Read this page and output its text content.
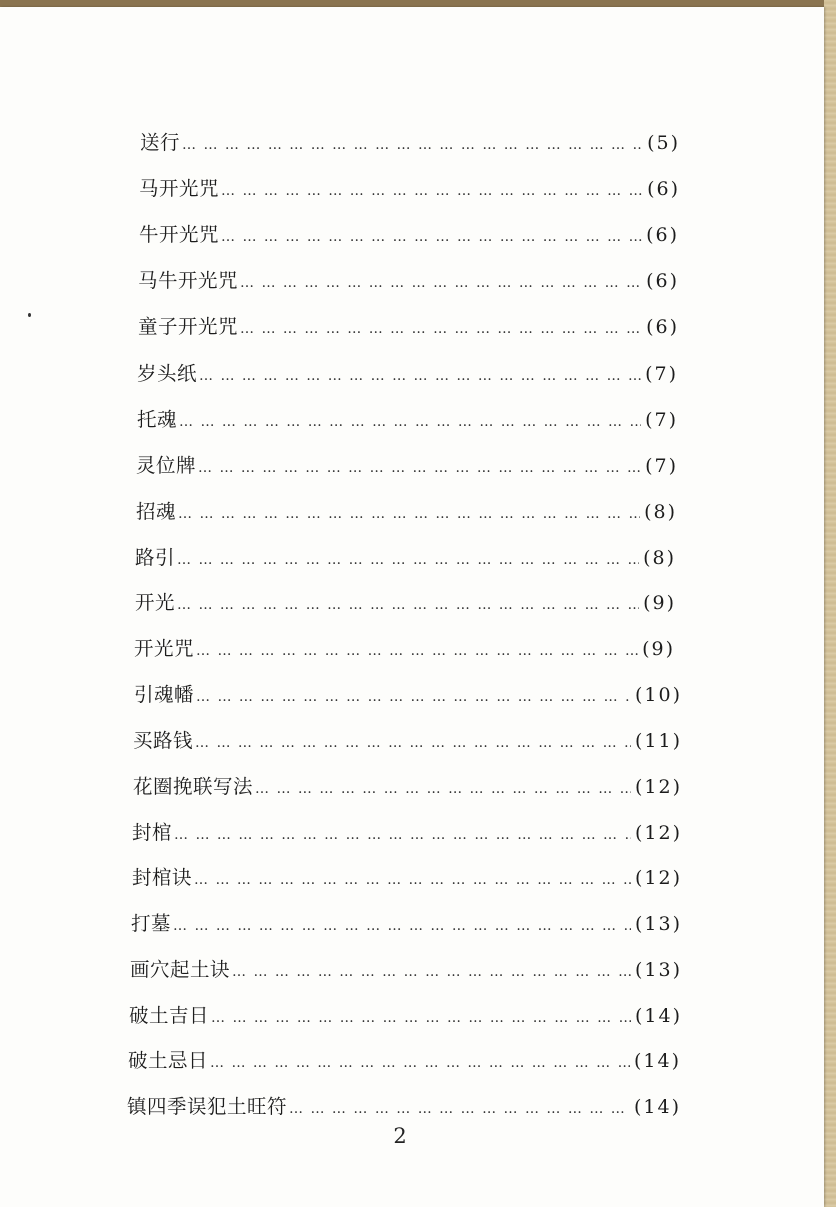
送行 … … … … … … … … … … … … … … … … … … … … … … … … … … … … … … … … … … … … … … … … … … … … … …	(5)
马开光咒 … … … … … … … … … … … … … … … … … … … … … … … … … … … … … … … … … … … … … … … … … … … … … …	(6)
牛开光咒 … … … … … … … … … … … … … … … … … … … … … … … … … … … … … … … … … … … … … … … … … … … … … …	(6)
马牛开光咒 … … … … … … … … … … … … … … … … … … … … … … … … … … … … … … … … … … … … … … … … … … … … … …	(6)
童子开光咒 … … … … … … … … … … … … … … … … … … … … … … … … … … … … … … … … … … … … … … … … … … … … … …	(6)
岁头纸 … … … … … … … … … … … … … … … … … … … … … … … … … … … … … … … … … … … … … … … … … … … … … …	(7)
托魂 … … … … … … … … … … … … … … … … … … … … … … … … … … … … … … … … … … … … … … … … … … … … … …	(7)
灵位牌 … … … … … … … … … … … … … … … … … … … … … … … … … … … … … … … … … … … … … … … … … … … … … …	(7)
招魂 … … … … … … … … … … … … … … … … … … … … … … … … … … … … … … … … … … … … … … … … … … … … … …	(8)
路引 … … … … … … … … … … … … … … … … … … … … … … … … … … … … … … … … … … … … … … … … … … … … … …	(8)
开光 … … … … … … … … … … … … … … … … … … … … … … … … … … … … … … … … … … … … … … … … … … … … … …	(9)
开光咒 … … … … … … … … … … … … … … … … … … … … … … … … … … … … … … … … … … … … … … … … … … … … … …	(9)
引魂幡 … … … … … … … … … … … … … … … … … … … … … … … … … … … … … … … … … … … … … … … … … … … … … …	(10)
买路钱 … … … … … … … … … … … … … … … … … … … … … … … … … … … … … … … … … … … … … … … … … … … … … …	(11)
花圈挽联写法 … … … … … … … … … … … … … … … … … … … … … … … … … … … … … … … … … … … … … … … … … … … … … …	(12)
封棺 … … … … … … … … … … … … … … … … … … … … … … … … … … … … … … … … … … … … … … … … … … … … … …	(12)
封棺诀 … … … … … … … … … … … … … … … … … … … … … … … … … … … … … … … … … … … … … … … … … … … … … …	(12)
打墓 … … … … … … … … … … … … … … … … … … … … … … … … … … … … … … … … … … … … … … … … … … … … … …	(13)
画穴起土诀 … … … … … … … … … … … … … … … … … … … … … … … … … … … … … … … … … … … … … … … … … … … … … …	(13)
破土吉日 … … … … … … … … … … … … … … … … … … … … … … … … … … … … … … … … … … … … … … … … … … … … … …	(14)
破土忌日 … … … … … … … … … … … … … … … … … … … … … … … … … … … … … … … … … … … … … … … … … … … … … …	(14)
镇四季误犯土旺符 … … … … … … … … … … … … … … … … … … … … … … … … … … … … … … … … … … … … … … … … … … … … … …	(14)
2
